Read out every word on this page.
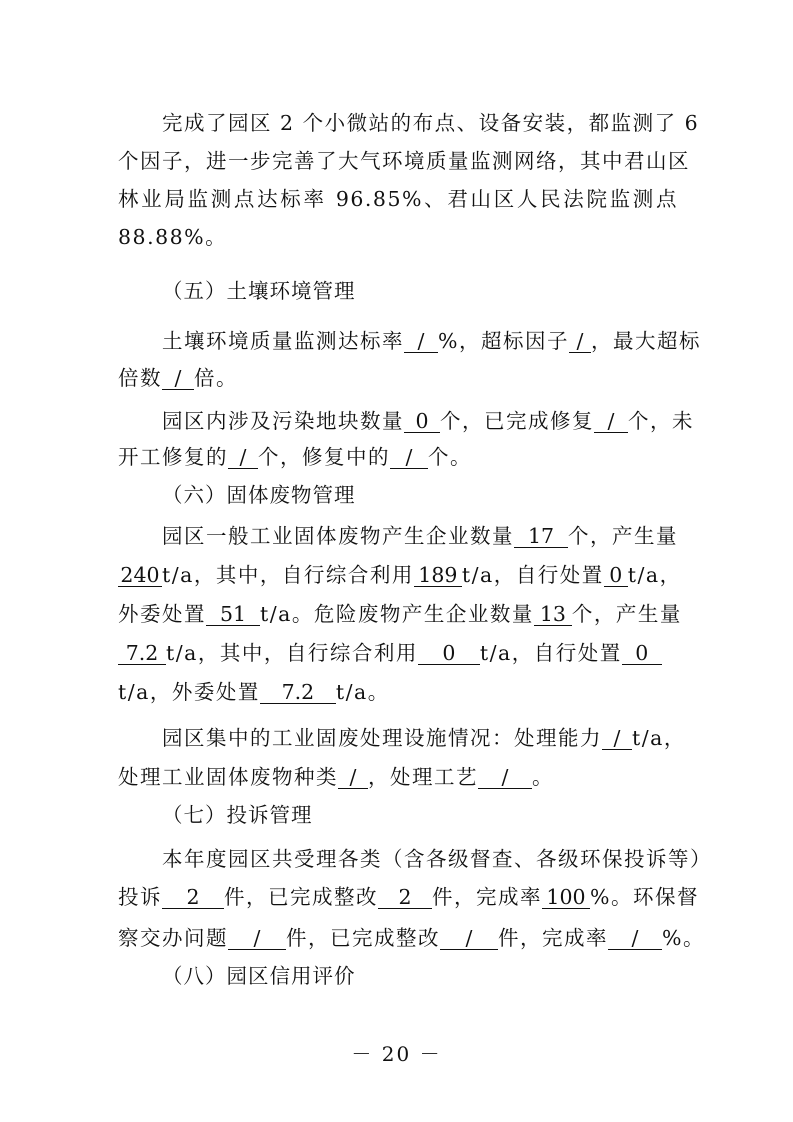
完成了园区 2 个小微站的布点、设备安装，都监测了 6
个因子，进一步完善了大气环境质量监测网络，其中君山区
林业局监测点达标率 96.85%、君山区人民法院监测点
88.88%。
（五）土壤环境管理
土壤环境质量监测达标率 / %，超标因子 / ，最大超标
倍数 / 倍。
园区内涉及污染地块数量 0 个，已完成修复 / 个，未
开工修复的 / 个，修复中的 / 个。
（六）固体废物管理
园区一般工业固体废物产生企业数量 17 个，产生量
240 t/a，其中，自行综合利用 189 t/a，自行处置 0 t/a，
外委处置 51 t/a。危险废物产生企业数量 13 个，产生量
7.2 t/a，其中，自行综合利用 0 t/a，自行处置 0
t/a，外委处置 7.2 t/a。
园区集中的工业固废处理设施情况：处理能力 / t/a，
处理工业固体废物种类 / ，处理工艺 / 。
（七）投诉管理
本年度园区共受理各类（含各级督查、各级环保投诉等）
投诉 2 件，已完成整改 2 件，完成率 100 %。环保督
察交办问题 / 件，已完成整改 / 件，完成率 / %。
（八）园区信用评价
－ 20 －
